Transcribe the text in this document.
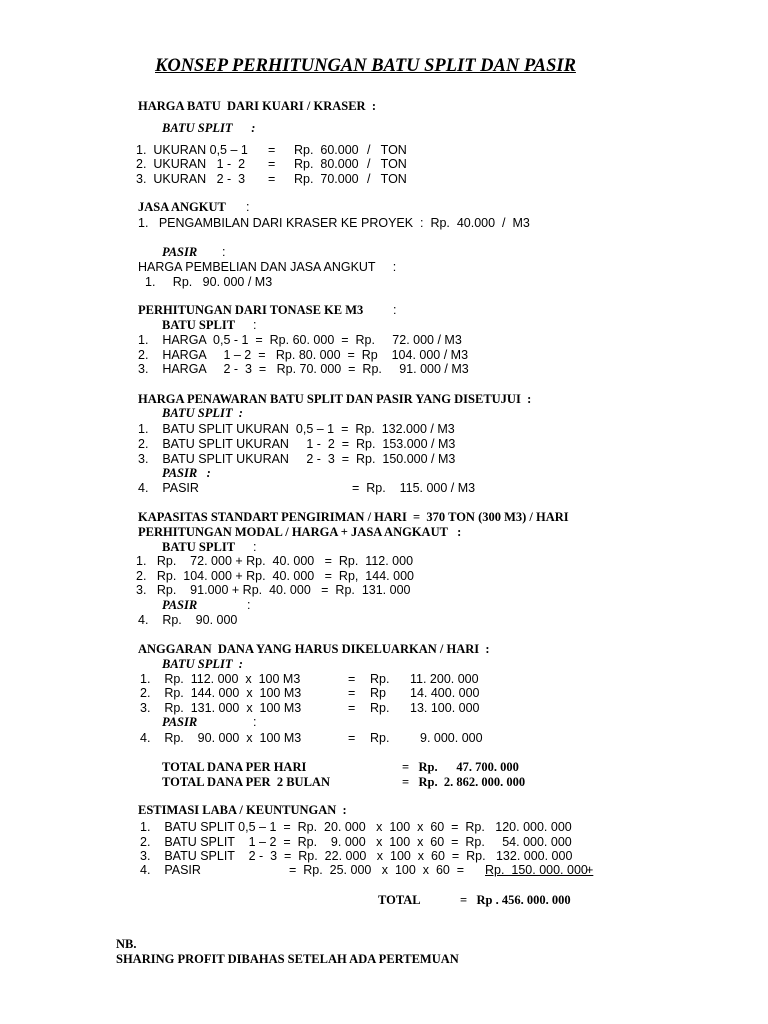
KONSEP PERHITUNGAN BATU SPLIT DAN PASIR
HARGA BATU  DARI KUARI / KRASER  :
BATU SPLIT      :
1.  UKURAN 0,5 – 1 = Rp.  60.000 /   TON
2.  UKURAN   1 -  2 = Rp.  80.000 /   TON
3.  UKURAN   2 -  3 = Rp.  70.000 /   TON
JASA ANGKUT :
1.   PENGAMBILAN DARI KRASER KE PROYEK  :  Rp.  40.000  /  M3
PASIR :
HARGA PEMBELIAN DAN JASA ANGKUT     :
1.     Rp.   90. 000 / M3
PERHITUNGAN DARI TONASE KE M3 :
BATU SPLIT :
1.    HARGA  0,5 - 1  =  Rp. 60. 000  =  Rp.     72. 000 / M3
2.    HARGA     1 – 2  =   Rp. 80. 000  =  Rp    104. 000 / M3
3.    HARGA     2 -  3  =   Rp. 70. 000  =  Rp.     91. 000 / M3
HARGA PENAWARAN BATU SPLIT DAN PASIR YANG DISETUJUI  :
BATU SPLIT  :
1.    BATU SPLIT UKURAN  0,5 – 1  =  Rp.  132.000 / M3
2.    BATU SPLIT UKURAN     1 -  2  =  Rp.  153.000 / M3
3.    BATU SPLIT UKURAN     2 -  3  =  Rp.  150.000 / M3
PASIR   :
4.    PASIR	=  Rp.    115. 000 / M3
KAPASITAS STANDART PENGIRIMAN / HARI  =  370 TON (300 M3) / HARI
PERHITUNGAN MODAL / HARGA + JASA ANGKAUT   :
BATU SPLIT :
1.   Rp.    72. 000 + Rp.  40. 000   =  Rp.  112. 000
2.   Rp.  104. 000 + Rp.  40. 000   =  Rp,  144. 000
3.   Rp.    91.000 + Rp.  40. 000   =  Rp.  131. 000
PASIR	:
4.    Rp.    90. 000
ANGGARAN  DANA YANG HARUS DIKELUARKAN / HARI  :
BATU SPLIT  :
1.    Rp.  112. 000  x  100 M3	= Rp. 11. 200. 000
2.    Rp.  144. 000  x  100 M3	= Rp 14. 400. 000
3.    Rp.  131. 000  x  100 M3	= Rp. 13. 100. 000
PASIR	:
4.    Rp.    90. 000  x  100 M3	= Rp. 9. 000. 000
TOTAL DANA PER HARI	=   Rp.      47. 700. 000
TOTAL DANA PER  2 BULAN	=   Rp.  2. 862. 000. 000
ESTIMASI LABA / KEUNTUNGAN  :
1.    BATU SPLIT 0,5 – 1  =  Rp.  20. 000   x  100  x  60  =  Rp.   120. 000. 000
2.    BATU SPLIT    1 – 2  =  Rp.    9. 000   x  100  x  60  =  Rp.     54. 000. 000
3.    BATU SPLIT    2 -  3  =  Rp.  22. 000   x  100  x  60  =  Rp.   132. 000. 000
4.    PASIR	=  Rp.  25. 000   x  100  x  60  = Rp.  150. 000. 000
+
TOTAL	=   Rp . 456. 000. 000
NB.
SHARING PROFIT DIBAHAS SETELAH ADA PERTEMUAN
